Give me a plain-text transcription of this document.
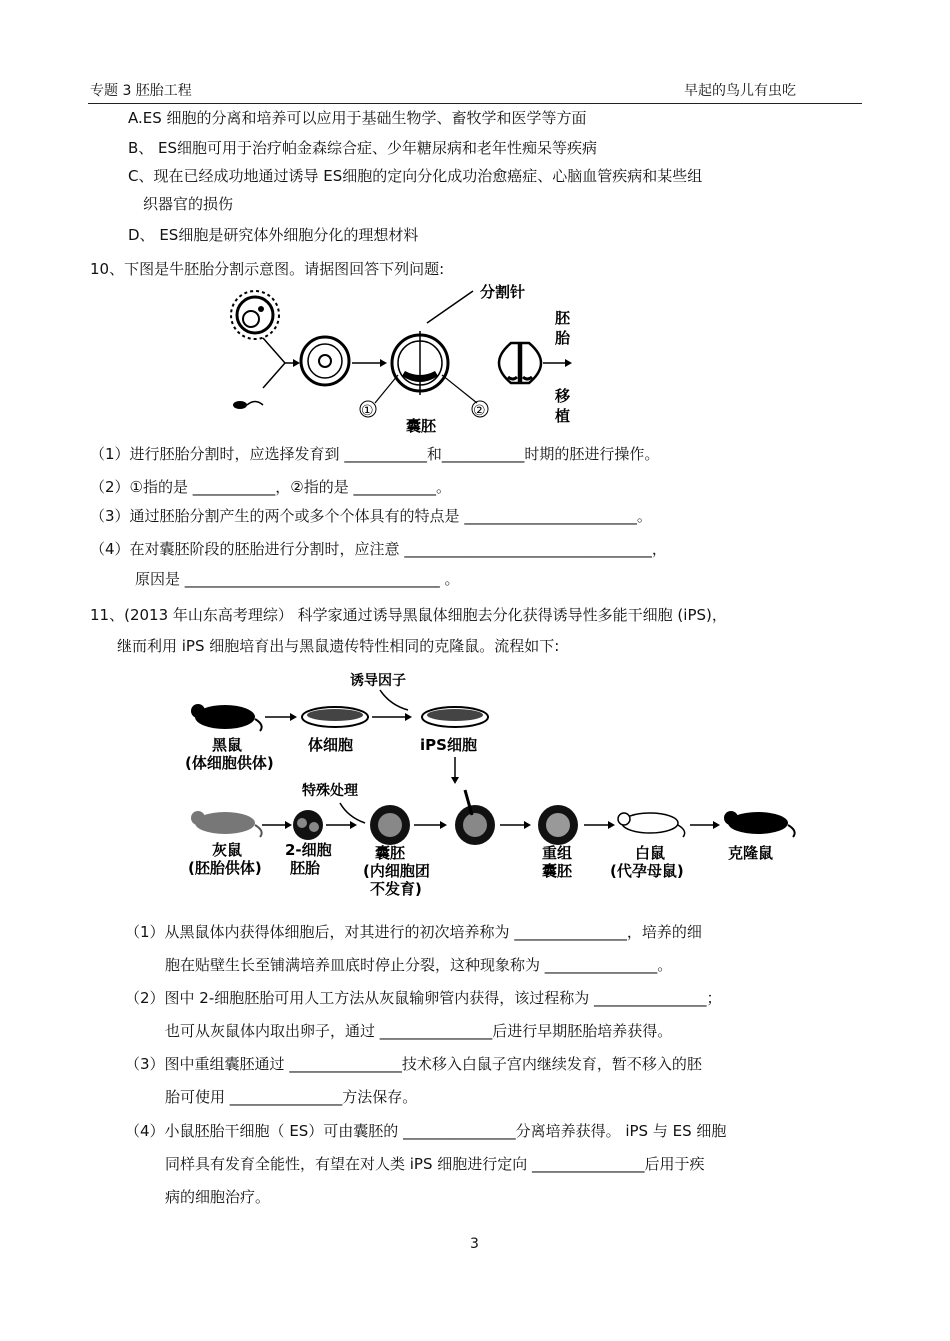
专题 3 胚胎工程	早起的鸟儿有虫吃
A.ES 细胞的分离和培养可以应用于基础生物学、畜牧学和医学等方面
B、 ES细胞可用于治疗帕金森综合症、少年糖尿病和老年性痴呆等疾病
C、现在已经成功地通过诱导 ES细胞的定向分化成功治愈癌症、心脑血管疾病和某些组
织器官的损伤
D、 ES细胞是研究体外细胞分化的理想材料
10、下图是牛胚胎分割示意图。请据图回答下列问题:
分割针
①	②
囊胚
胚
胎
移
植
（1）进行胚胎分割时，应选择发育到 ___________和___________时期的胚进行操作。
（2）①指的是 ___________，②指的是 ___________。
（3）通过胚胎分割产生的两个或多个个体具有的特点是 _______________________。
（4）在对囊胚阶段的胚胎进行分割时，应注意 _________________________________，
原因是 __________________________________ 。
11、(2013 年山东高考理综） 科学家通过诱导黑鼠体细胞去分化获得诱导性多能干细胞 (iPS)，
继而利用 iPS 细胞培育出与黑鼠遗传特性相同的克隆鼠。流程如下:
诱导因子
黑鼠
(体细胞供体)
体细胞	iPS细胞
特殊处理
灰鼠
(胚胎供体)
2-细胞
胚胎
囊胚
(内细胞团
不发育)
重组
囊胚
白鼠
(代孕母鼠)
克隆鼠
（1）从黑鼠体内获得体细胞后，对其进行的初次培养称为 _______________，培养的细
胞在贴壁生长至铺满培养皿底时停止分裂，这种现象称为 _______________。
（2）图中 2-细胞胚胎可用人工方法从灰鼠输卵管内获得，该过程称为 _______________；
也可从灰鼠体内取出卵子，通过 _______________后进行早期胚胎培养获得。
（3）图中重组囊胚通过 _______________技术移入白鼠子宫内继续发育，暂不移入的胚
胎可使用 _______________方法保存。
（4）小鼠胚胎干细胞（ ES）可由囊胚的 _______________分离培养获得。 iPS 与 ES 细胞
同样具有发育全能性，有望在对人类 iPS 细胞进行定向 _______________后用于疾
病的细胞治疗。
3
